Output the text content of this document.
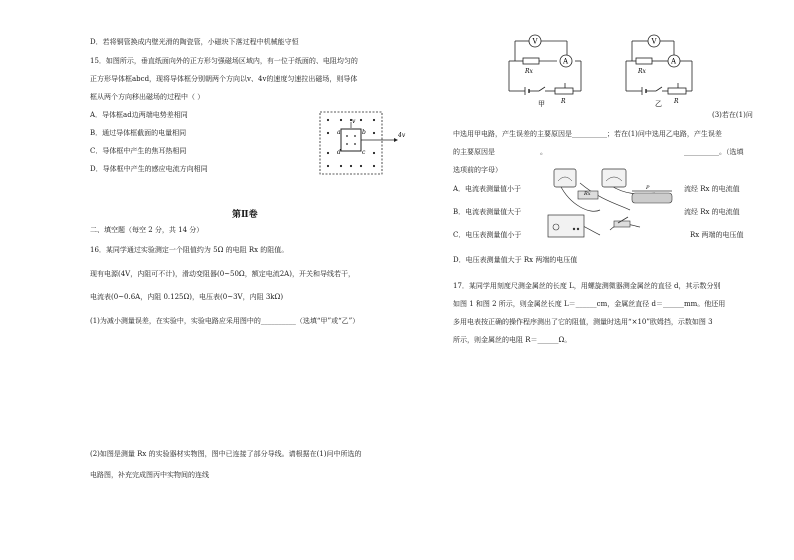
D．若将铜管换成内壁光滑的陶瓷管，小磁块下落过程中机械能守恒
15．如图所示，垂直纸面向外的正方形匀强磁场区域内，有一位于纸面的、电阻均匀的
正方形导体框abcd，现将导体框分别朝两个方向以v、4v的速度匀速拉出磁场，则导体
框从两个方向移出磁场的过程中（ ）
A．导体框ad边两端电势差相同
B．通过导体框截面的电量相同
C．导体框中产生的焦耳热相同
D．导体框中产生的感应电流方向相同
v
a	b
c
d
4v
第Ⅱ卷
二、填空题（每空 2 分，共 14 分）
16．某同学通过实验测定一个阻值约为 5Ω 的电阻 Rx 的阻值。
现有电源(4V，内阻可不计)，滑动变阻器(0~50Ω，额定电流2A)，开关和导线若干，
电流表(0~0.6A，内阻 0.125Ω)，电压表(0~3V，内阻 3kΩ)
(1)为减小测量误差，在实验中，实验电路应采用图中的__________（选填“甲”或“乙”）
(2)如图是测量 Rx 的实验器材实物图，图中已连接了部分导线。请根据在(1)问中所选的
电路图，补充完成图丙中实物间的连线
V
Rx
A
R
甲
V
Rx
A
R
乙
(3)若在(1)问
中选用甲电路，产生误差的主要原因是__________；若在(1)问中选用乙电路，产生误差
的主要原因是	。	__________。（选填
选项前的字母）
A．电流表测量值小于
B．电流表测量值大于
C．电压表测量值小于
D．电压表测量值大于 Rx 两端的电压值
流经 Rx 的电流值
流经 Rx 的电流值
Rx 两端的电压值
Rx
P
17．某同学用刻度尺测金属丝的长度 L，用螺旋测微器测金属丝的直径 d，其示数分别
如图 1 和图 2 所示，则金属丝长度 L＝______cm，金属丝直径 d＝______mm。他还用
多用电表按正确的操作程序测出了它的阻值，测量时选用“×10”欧姆挡，示数如图 3
所示，则金属丝的电阻 R＝______Ω。
